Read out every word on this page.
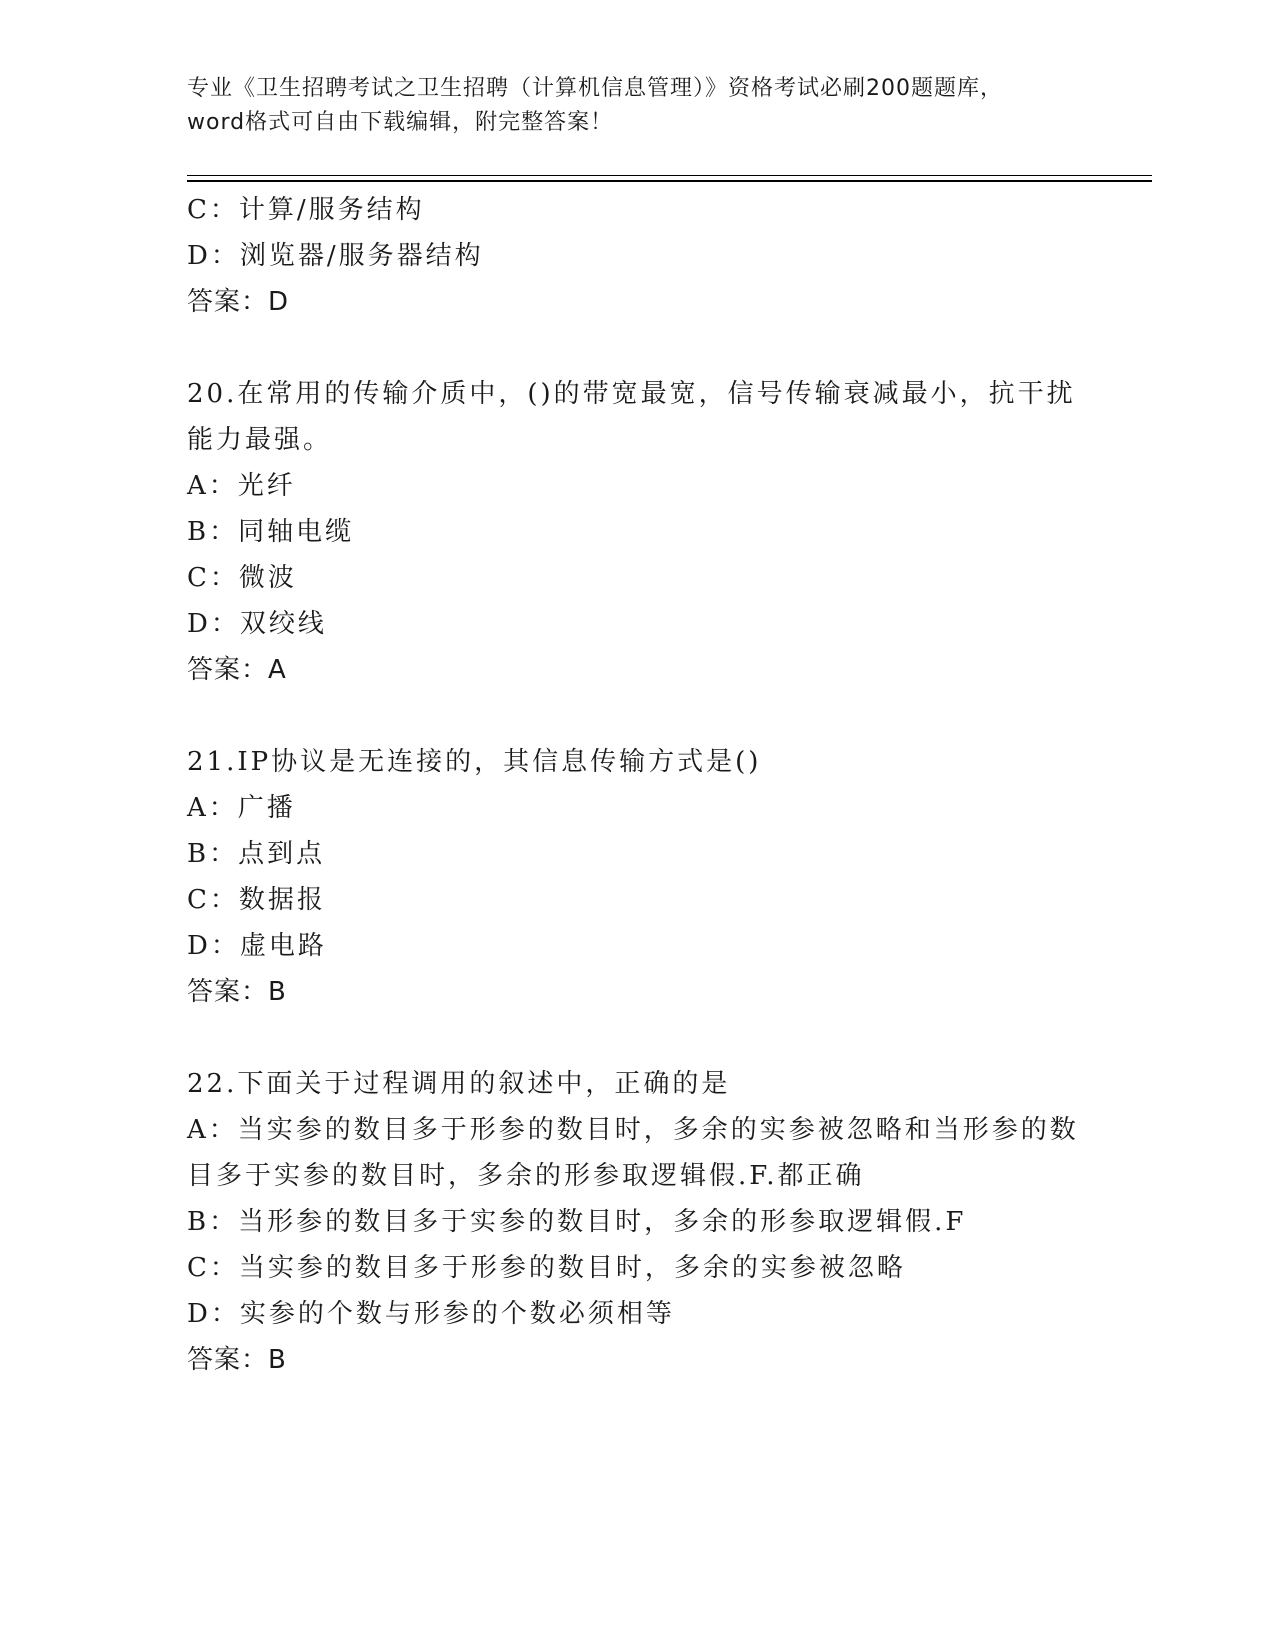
专业《卫生招聘考试之卫生招聘（计算机信息管理）》资格考试必刷200题题库，
word格式可自由下载编辑，附完整答案！
C：计算/服务结构
D：浏览器/服务器结构
答案：D
20.在常用的传输介质中，()的带宽最宽，信号传输衰减最小，抗干扰
能力最强。
A：光纤
B：同轴电缆
C：微波
D：双绞线
答案：A
21.IP协议是无连接的，其信息传输方式是()
A：广播
B：点到点
C：数据报
D：虚电路
答案：B
22.下面关于过程调用的叙述中，正确的是
A：当实参的数目多于形参的数目时，多余的实参被忽略和当形参的数
目多于实参的数目时，多余的形参取逻辑假.F.都正确
B：当形参的数目多于实参的数目时，多余的形参取逻辑假.F
C：当实参的数目多于形参的数目时，多余的实参被忽略
D：实参的个数与形参的个数必须相等
答案：B
